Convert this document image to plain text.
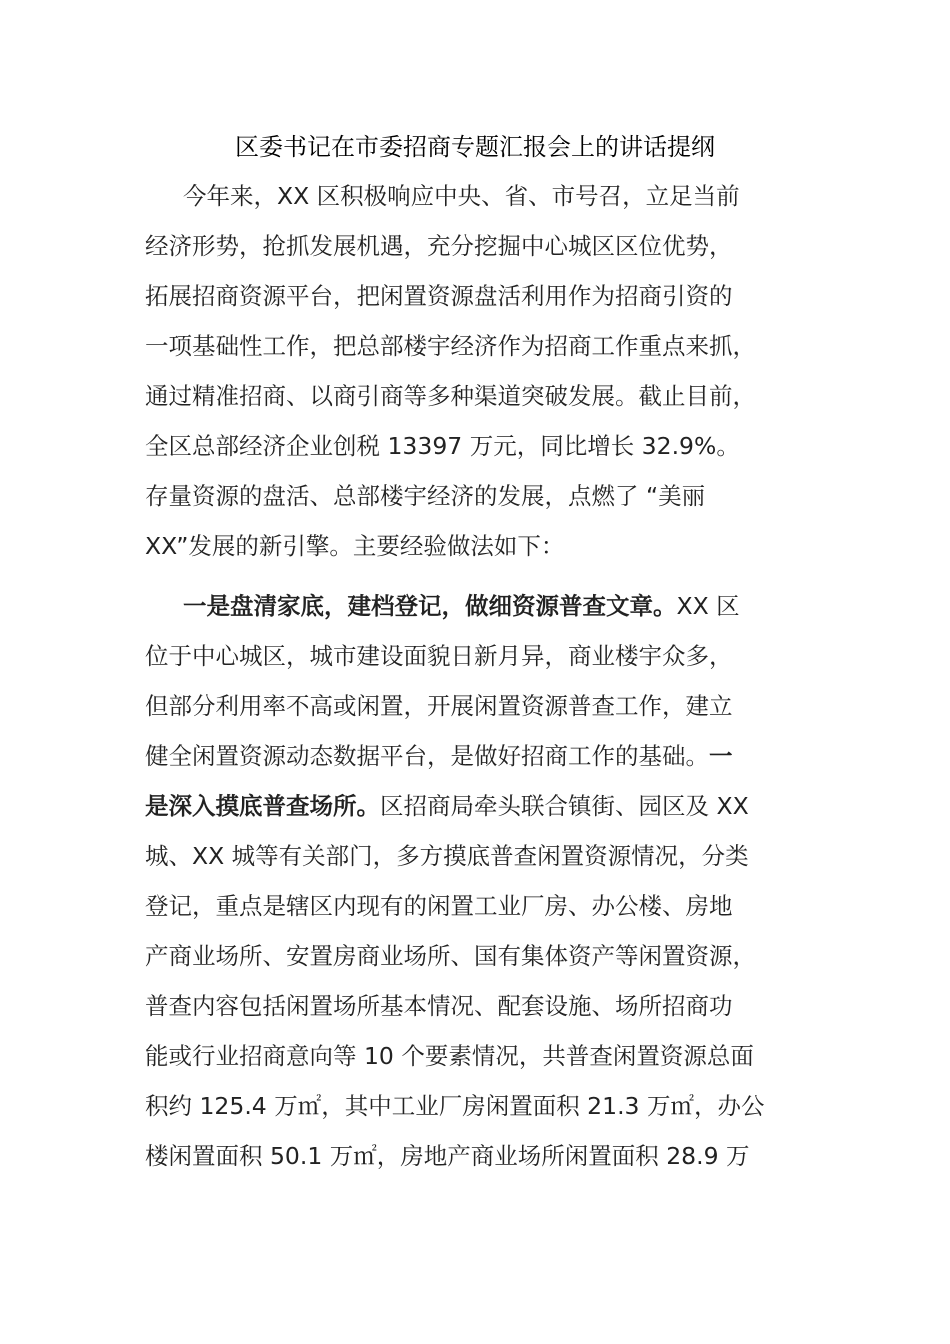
区委书记在市委招商专题汇报会上的讲话提纲
今年来，XX 区积极响应中央、省、市号召，立足当前
经济形势，抢抓发展机遇，充分挖掘中心城区区位优势，
拓展招商资源平台，把闲置资源盘活利用作为招商引资的
一项基础性工作，把总部楼宇经济作为招商工作重点来抓，
通过精准招商、以商引商等多种渠道突破发展。截止目前，
全区总部经济企业创税 13397 万元，同比增长 32.9%。
存量资源的盘活、总部楼宇经济的发展，点燃了 “美丽
XX”发展的新引擎。主要经验做法如下：
一是盘清家底，建档登记，做细资源普查文章。XX 区
位于中心城区，城市建设面貌日新月异，商业楼宇众多，
但部分利用率不高或闲置，开展闲置资源普查工作，建立
健全闲置资源动态数据平台，是做好招商工作的基础。一
是深入摸底普查场所。区招商局牵头联合镇街、园区及 XX
城、XX 城等有关部门，多方摸底普查闲置资源情况，分类
登记，重点是辖区内现有的闲置工业厂房、办公楼、房地
产商业场所、安置房商业场所、国有集体资产等闲置资源，
普查内容包括闲置场所基本情况、配套设施、场所招商功
能或行业招商意向等 10 个要素情况，共普查闲置资源总面
积约 125.4 万㎡，其中工业厂房闲置面积 21.3 万㎡，办公
楼闲置面积 50.1 万㎡，房地产商业场所闲置面积 28.9 万
